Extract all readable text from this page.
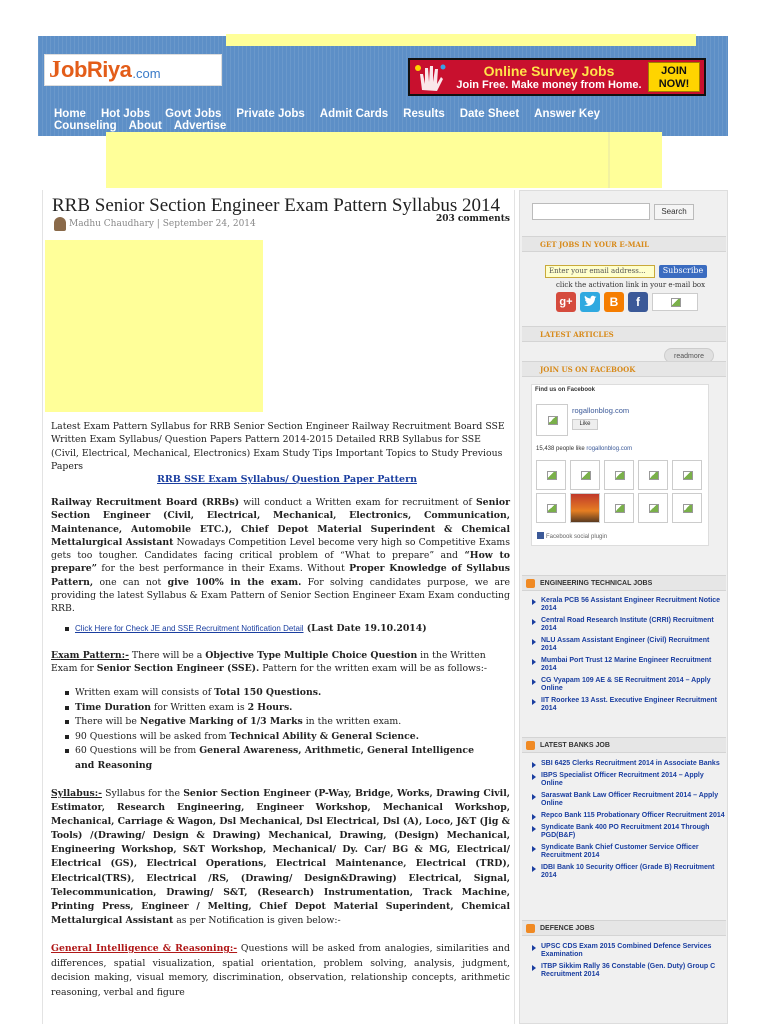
J obRiya .com	Online Survey Jobs
Join Free. Make money from Home.
JOIN NOW!
Home Hot Jobs Govt Jobs Private Jobs Admit Cards Results Date Sheet Answer Key
Counseling About Advertise
RRB Senior Section Engineer Exam Pattern Syllabus 2014
Madhu Chaudhary | September 24, 2014	203 comments
Latest Exam Pattern Syllabus for RRB Senior Section Engineer Railway Recruitment Board SSE Written Exam Syllabus/ Question Papers Pattern 2014-2015 Detailed RRB Syllabus for SSE (Civil, Electrical, Mechanical, Electronics) Exam Study Tips Important Topics to Study Previous Papers
RRB SSE Exam Syllabus/ Question Paper Pattern
Railway Recruitment Board (RRBs) will conduct a Written exam for recruitment of Senior Section Engineer (Civil, Electrical, Mechanical, Electronics, Communication, Maintenance, Automobile ETC.), Chief Depot Material Superindent & Chemical Mettalurgical Assistant Nowadays Competition Level become very high so Competitive Exams gets too tougher. Candidates facing critical problem of “What to prepare” and “How to prepare” for the best performance in their Exams. Without Proper Knowledge of Syllabus Pattern, one can not give 100% in the exam. For solving candidates purpose, we are providing the latest Syllabus & Exam Pattern of Senior Section Engineer Exam Exam conducting RRB.
Click Here for Check JE and SSE Recruitment Notification Detail (Last Date 19.10.2014)
Exam Pattern:- There will be a Objective Type Multiple Choice Question in the Written Exam for Senior Section Engineer (SSE). Pattern for the written exam will be as follows:-
Written exam will consists of Total 150 Questions.
Time Duration for Written exam is 2 Hours.
There will be Negative Marking of 1/3 Marks in the written exam.
90 Questions will be asked from Technical Ability & General Science.
60 Questions will be from General Awareness, Arithmetic, General Intelligence and Reasoning
Syllabus:- Syllabus for the Senior Section Engineer (P-Way, Bridge, Works, Drawing Civil, Estimator, Research Engineering, Engineer Workshop, Mechanical Workshop, Mechanical, Carriage & Wagon, Dsl Mechanical, Dsl Electrical, Dsl (A), Loco, J&T (Jig & Tools) /(Drawing/ Design & Drawing) Mechanical, Drawing, (Design) Mechanical, Engineering Workshop, S&T Workshop, Mechanical/ Dy. Car/ BG & MG, Electrical/ Electrical (GS), Electrical Operations, Electrical Maintenance, Electrical (TRD), Electrical(TRS), Electrical /RS, (Drawing/ Design&Drawing) Electrical, Signal, Telecommunication, Drawing/ S&T, (Research) Instrumentation, Track Machine, Printing Press, Engineer / Melting, Chief Depot Material Superindent, Chemical Mettalurgical Assistant as per Notification is given below:-
General Intelligence & Reasoning:- Questions will be asked from analogies, similarities and differences, spatial visualization, spatial orientation, problem solving, analysis, judgment, decision making, visual memory, discrimination, observation, relationship concepts, arithmetic reasoning, verbal and figure
Search
GET JOBS IN YOUR E-MAIL
Enter your email address...	Subscribe
click the activation link in your e-mail box
g+	B	f
LATEST ARTICLES
readmore
JOIN US ON FACEBOOK
Find us on Facebook
rogallonblog.com
Like
15,438 people like rogallonblog.com
Facebook social plugin
ENGINEERING TECHNICAL JOBS
Kerala PCB 56 Assistant Engineer Recruitment Notice 2014
Central Road Research Institute (CRRI) Recruitment 2014
NLU Assam Assistant Engineer (Civil) Recruitment 2014
Mumbai Port Trust 12 Marine Engineer Recruitment 2014
CG Vyapam 109 AE & SE Recruitment 2014 – Apply Online
IIT Roorkee 13 Asst. Executive Engineer Recruitment 2014
LATEST BANKS JOB
SBI 6425 Clerks Recruitment 2014 in Associate Banks
IBPS Specialist Officer Recruitment 2014 – Apply Online
Saraswat Bank Law Officer Recruitment 2014 – Apply Online
Repco Bank 115 Probationary Officer Recruitment 2014
Syndicate Bank 400 PO Recruitment 2014 Through PGD(B&F)
Syndicate Bank Chief Customer Service Officer Recruitment 2014
IDBI Bank 10 Security Officer (Grade B) Recruitment 2014
DEFENCE JOBS
UPSC CDS Exam 2015 Combined Defence Services Examination
ITBP Sikkim Rally 36 Constable (Gen. Duty) Group C Recruitment 2014
